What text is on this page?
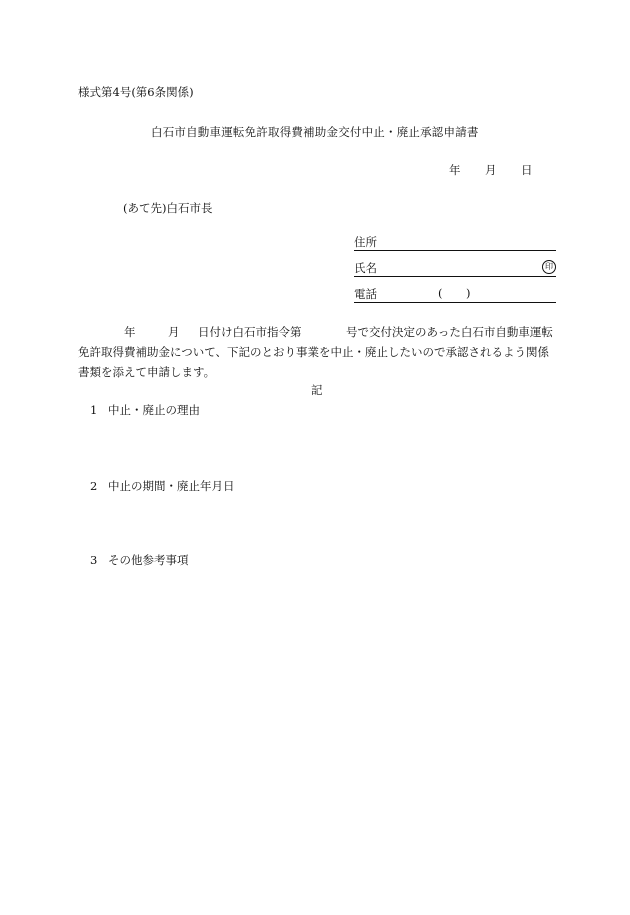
様式第4号(第6条関係)
白石市自動車運転免許取得費補助金交付中止・廃止承認申請書
年 月 日
(あて先)白石市長
住所
氏名	印
電話	( )
年	月 日付け白石市指令第	号で交付決定のあった白石市自動車運転
免許取得費補助金について、下記のとおり事業を中止・廃止したいので承認されるよう関係書類を添えて申請します。
記
1 中止・廃止の理由
2 中止の期間・廃止年月日
3 その他参考事項
